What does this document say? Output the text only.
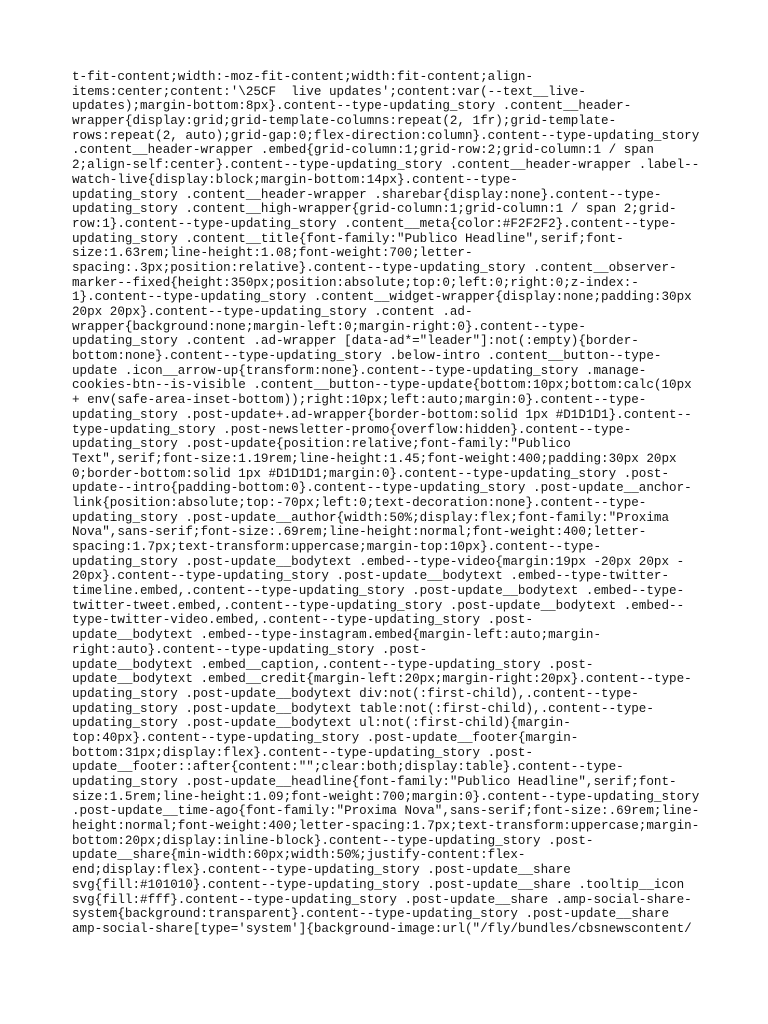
t-fit-content;width:-moz-fit-content;width:fit-content;align-
items:center;content:'\25CF  live updates';content:var(--text__live-
updates);margin-bottom:8px}.content--type-updating_story .content__header-
wrapper{display:grid;grid-template-columns:repeat(2, 1fr);grid-template-
rows:repeat(2, auto);grid-gap:0;flex-direction:column}.content--type-updating_story
.content__header-wrapper .embed{grid-column:1;grid-row:2;grid-column:1 / span
2;align-self:center}.content--type-updating_story .content__header-wrapper .label--
watch-live{display:block;margin-bottom:14px}.content--type-
updating_story .content__header-wrapper .sharebar{display:none}.content--type-
updating_story .content__high-wrapper{grid-column:1;grid-column:1 / span 2;grid-
row:1}.content--type-updating_story .content__meta{color:#F2F2F2}.content--type-
updating_story .content__title{font-family:"Publico Headline",serif;font-
size:1.63rem;line-height:1.08;font-weight:700;letter-
spacing:.3px;position:relative}.content--type-updating_story .content__observer-
marker--fixed{height:350px;position:absolute;top:0;left:0;right:0;z-index:-
1}.content--type-updating_story .content__widget-wrapper{display:none;padding:30px
20px 20px}.content--type-updating_story .content .ad-
wrapper{background:none;margin-left:0;margin-right:0}.content--type-
updating_story .content .ad-wrapper [data-ad*="leader"]:not(:empty){border-
bottom:none}.content--type-updating_story .below-intro .content__button--type-
update .icon__arrow-up{transform:none}.content--type-updating_story .manage-
cookies-btn--is-visible .content__button--type-update{bottom:10px;bottom:calc(10px
+ env(safe-area-inset-bottom));right:10px;left:auto;margin:0}.content--type-
updating_story .post-update+.ad-wrapper{border-bottom:solid 1px #D1D1D1}.content--
type-updating_story .post-newsletter-promo{overflow:hidden}.content--type-
updating_story .post-update{position:relative;font-family:"Publico
Text",serif;font-size:1.19rem;line-height:1.45;font-weight:400;padding:30px 20px
0;border-bottom:solid 1px #D1D1D1;margin:0}.content--type-updating_story .post-
update--intro{padding-bottom:0}.content--type-updating_story .post-update__anchor-
link{position:absolute;top:-70px;left:0;text-decoration:none}.content--type-
updating_story .post-update__author{width:50%;display:flex;font-family:"Proxima
Nova",sans-serif;font-size:.69rem;line-height:normal;font-weight:400;letter-
spacing:1.7px;text-transform:uppercase;margin-top:10px}.content--type-
updating_story .post-update__bodytext .embed--type-video{margin:19px -20px 20px -
20px}.content--type-updating_story .post-update__bodytext .embed--type-twitter-
timeline.embed,.content--type-updating_story .post-update__bodytext .embed--type-
twitter-tweet.embed,.content--type-updating_story .post-update__bodytext .embed--
type-twitter-video.embed,.content--type-updating_story .post-
update__bodytext .embed--type-instagram.embed{margin-left:auto;margin-
right:auto}.content--type-updating_story .post-
update__bodytext .embed__caption,.content--type-updating_story .post-
update__bodytext .embed__credit{margin-left:20px;margin-right:20px}.content--type-
updating_story .post-update__bodytext div:not(:first-child),.content--type-
updating_story .post-update__bodytext table:not(:first-child),.content--type-
updating_story .post-update__bodytext ul:not(:first-child){margin-
top:40px}.content--type-updating_story .post-update__footer{margin-
bottom:31px;display:flex}.content--type-updating_story .post-
update__footer::after{content:"";clear:both;display:table}.content--type-
updating_story .post-update__headline{font-family:"Publico Headline",serif;font-
size:1.5rem;line-height:1.09;font-weight:700;margin:0}.content--type-updating_story
.post-update__time-ago{font-family:"Proxima Nova",sans-serif;font-size:.69rem;line-
height:normal;font-weight:400;letter-spacing:1.7px;text-transform:uppercase;margin-
bottom:20px;display:inline-block}.content--type-updating_story .post-
update__share{min-width:60px;width:50%;justify-content:flex-
end;display:flex}.content--type-updating_story .post-update__share
svg{fill:#101010}.content--type-updating_story .post-update__share .tooltip__icon
svg{fill:#fff}.content--type-updating_story .post-update__share .amp-social-share-
system{background:transparent}.content--type-updating_story .post-update__share
amp-social-share[type='system']{background-image:url("/fly/bundles/cbsnewscontent/
